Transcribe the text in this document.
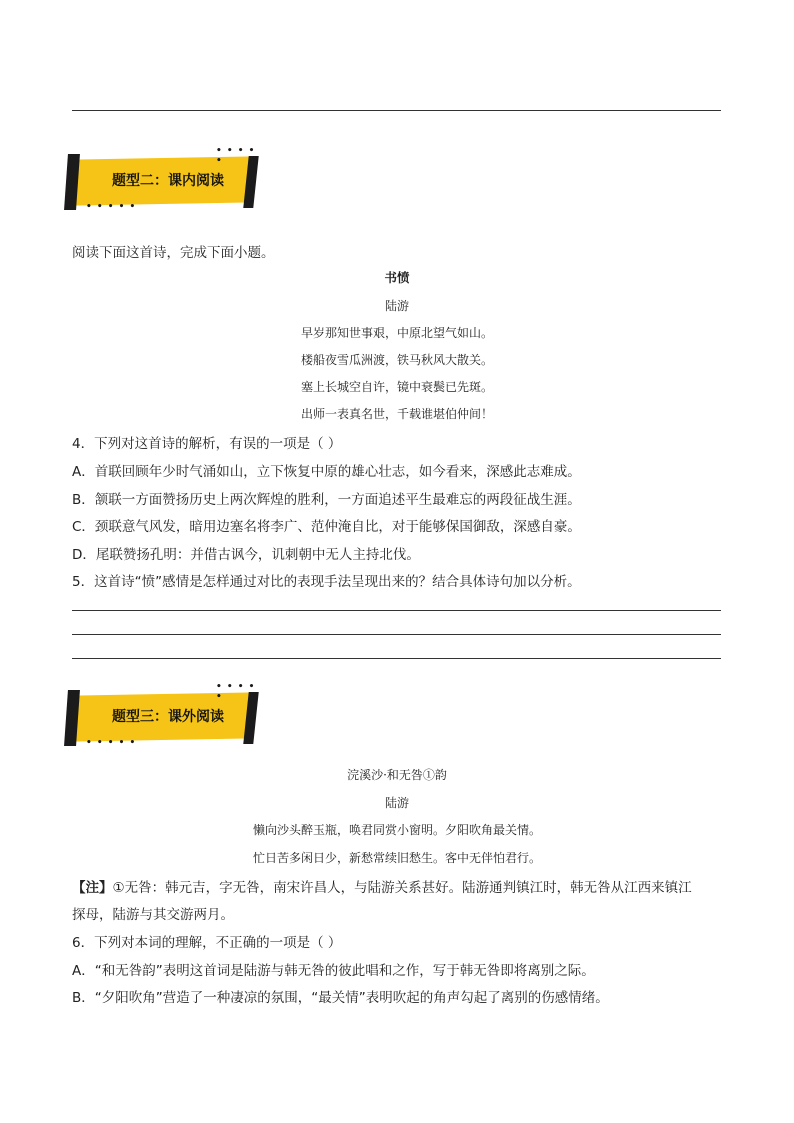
• • • • •
• • • • •
题型二：课内阅读
阅读下面这首诗，完成下面小题。
书愤
陆游
早岁那知世事艰，中原北望气如山。
楼船夜雪瓜洲渡，铁马秋风大散关。
塞上长城空自许，镜中衰鬓已先斑。
出师一表真名世，千载谁堪伯仲间！
4．下列对这首诗的解析，有误的一项是（ ）
A．首联回顾年少时气涌如山，立下恢复中原的雄心壮志，如今看来，深感此志难成。
B．颔联一方面赞扬历史上两次辉煌的胜利，一方面追述平生最难忘的两段征战生涯。
C．颈联意气风发，暗用边塞名将李广、范仲淹自比，对于能够保国御敌，深感自豪。
D．尾联赞扬孔明：并借古讽今，讥刺朝中无人主持北伐。
5．这首诗“愤”感情是怎样通过对比的表现手法呈现出来的？结合具体诗句加以分析。
• • • • •
• • • • •
题型三：课外阅读
浣溪沙·和无咎①韵
陆游
懒向沙头醉玉瓶，唤君同赏小窗明。夕阳吹角最关情。
忙日苦多闲日少，新愁常续旧愁生。客中无伴怕君行。
【注】①无咎：韩元吉，字无咎，南宋许昌人，与陆游关系甚好。陆游通判镇江时，韩无咎从江西来镇江
探母，陆游与其交游两月。
6．下列对本词的理解，不正确的一项是（ ）
A．“和无咎韵”表明这首词是陆游与韩无咎的彼此唱和之作，写于韩无咎即将离别之际。
B．“夕阳吹角”营造了一种凄凉的氛围，“最关情”表明吹起的角声勾起了离别的伤感情绪。
